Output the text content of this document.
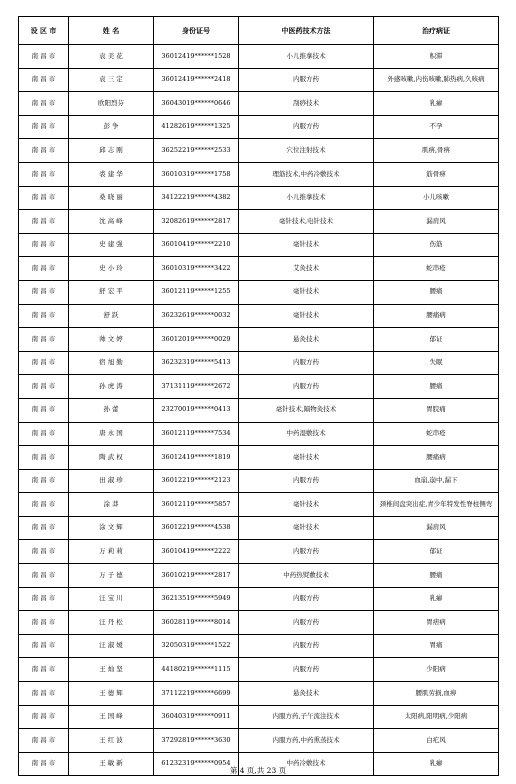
设 区 市	姓 名	身份证号	中医药技术方法	治疗病证
南 昌 市	袁 美 花	36012419******1528	小儿推拿技术	积滞
南 昌 市	袁 三 定	36012419******2418	内服方药	外感咳嗽,内伤咳嗽,肺热病,久咳病
南 昌 市	欧阳烈芬	36043019******0646	刮痧技术	乳癖
南 昌 市	彭 争	41282619******1325	内服方药	不孕
南 昌 市	邱 志 刚	36252219******2533	穴位注射技术	肌痹,骨痹
南 昌 市	裘 建 华	36010319******1758	理筋技术,中药冷敷技术	筋骨痹
南 昌 市	桑 晓 丽	34122219******4382	小儿推拿技术	小儿咳嗽
南 昌 市	沈 高 峰	32082619******2817	毫针技术,电针技术	漏肩风
南 昌 市	史 建 强	36010419******2210	毫针技术	伤筋
南 昌 市	史 小 玲	36010319******3422	艾灸技术	蛇串疮
南 昌 市	舒 宏 平	36012119******1255	毫针技术	腰痛
南 昌 市	舒 跃	36232619******0032	毫针技术	腰痛病
南 昌 市	帅 文 婷	36012019******0029	悬灸技术	郁证
南 昌 市	宿 旭 勤	36232319******5413	内服方药	失眠
南 昌 市	孙 虎 涛	37131119******2672	内服方药	腰痛
南 昌 市	孙 蕾	23270019******0413	毫针技术,隔物灸技术	胃脘痛
南 昌 市	唐 永 国	36012119******7534	中药湿敷技术	蛇串疮
南 昌 市	陶 武 权	36012419******1819	毫针技术	腰痛病
南 昌 市	田 淑 珍	36012219******2123	内服方药	血崩,崩中,漏下
南 昌 市	涂 莽	36012119******5857	毫针技术	颈椎间盘突出症,青少年特发性脊柱侧弯
南 昌 市	涂 文 辉	36012219******4538	毫针技术	漏肩风
南 昌 市	万 莉 莉	36010419******2222	内服方药	郁证
南 昌 市	万 子 德	36010219******2817	中药热熨敷技术	腰痛
南 昌 市	汪 宝 川	36213519******5949	内服方药	乳癖
南 昌 市	汪 丹 松	36028119******8014	内服方药	胃痞病
南 昌 市	汪 淑 媛	32050319******1522	内服方药	胃痛
南 昌 市	王 灿 坚	44180219******1115	内服方药	少阳病
南 昌 市	王 德 辉	37112219******6699	悬灸技术	腰肌劳损,血痹
南 昌 市	王 国 峰	36040319******0911	内服方药,子午流注技术	太阳病,阳明病,少阳病
南 昌 市	王 红 波	37292819******3630	内服方药,中药熏蒸技术	白疕风
南 昌 市	王 敏 新	61232319******0954	中药冷敷技术	乳癖
第 4 页,共 23 页
